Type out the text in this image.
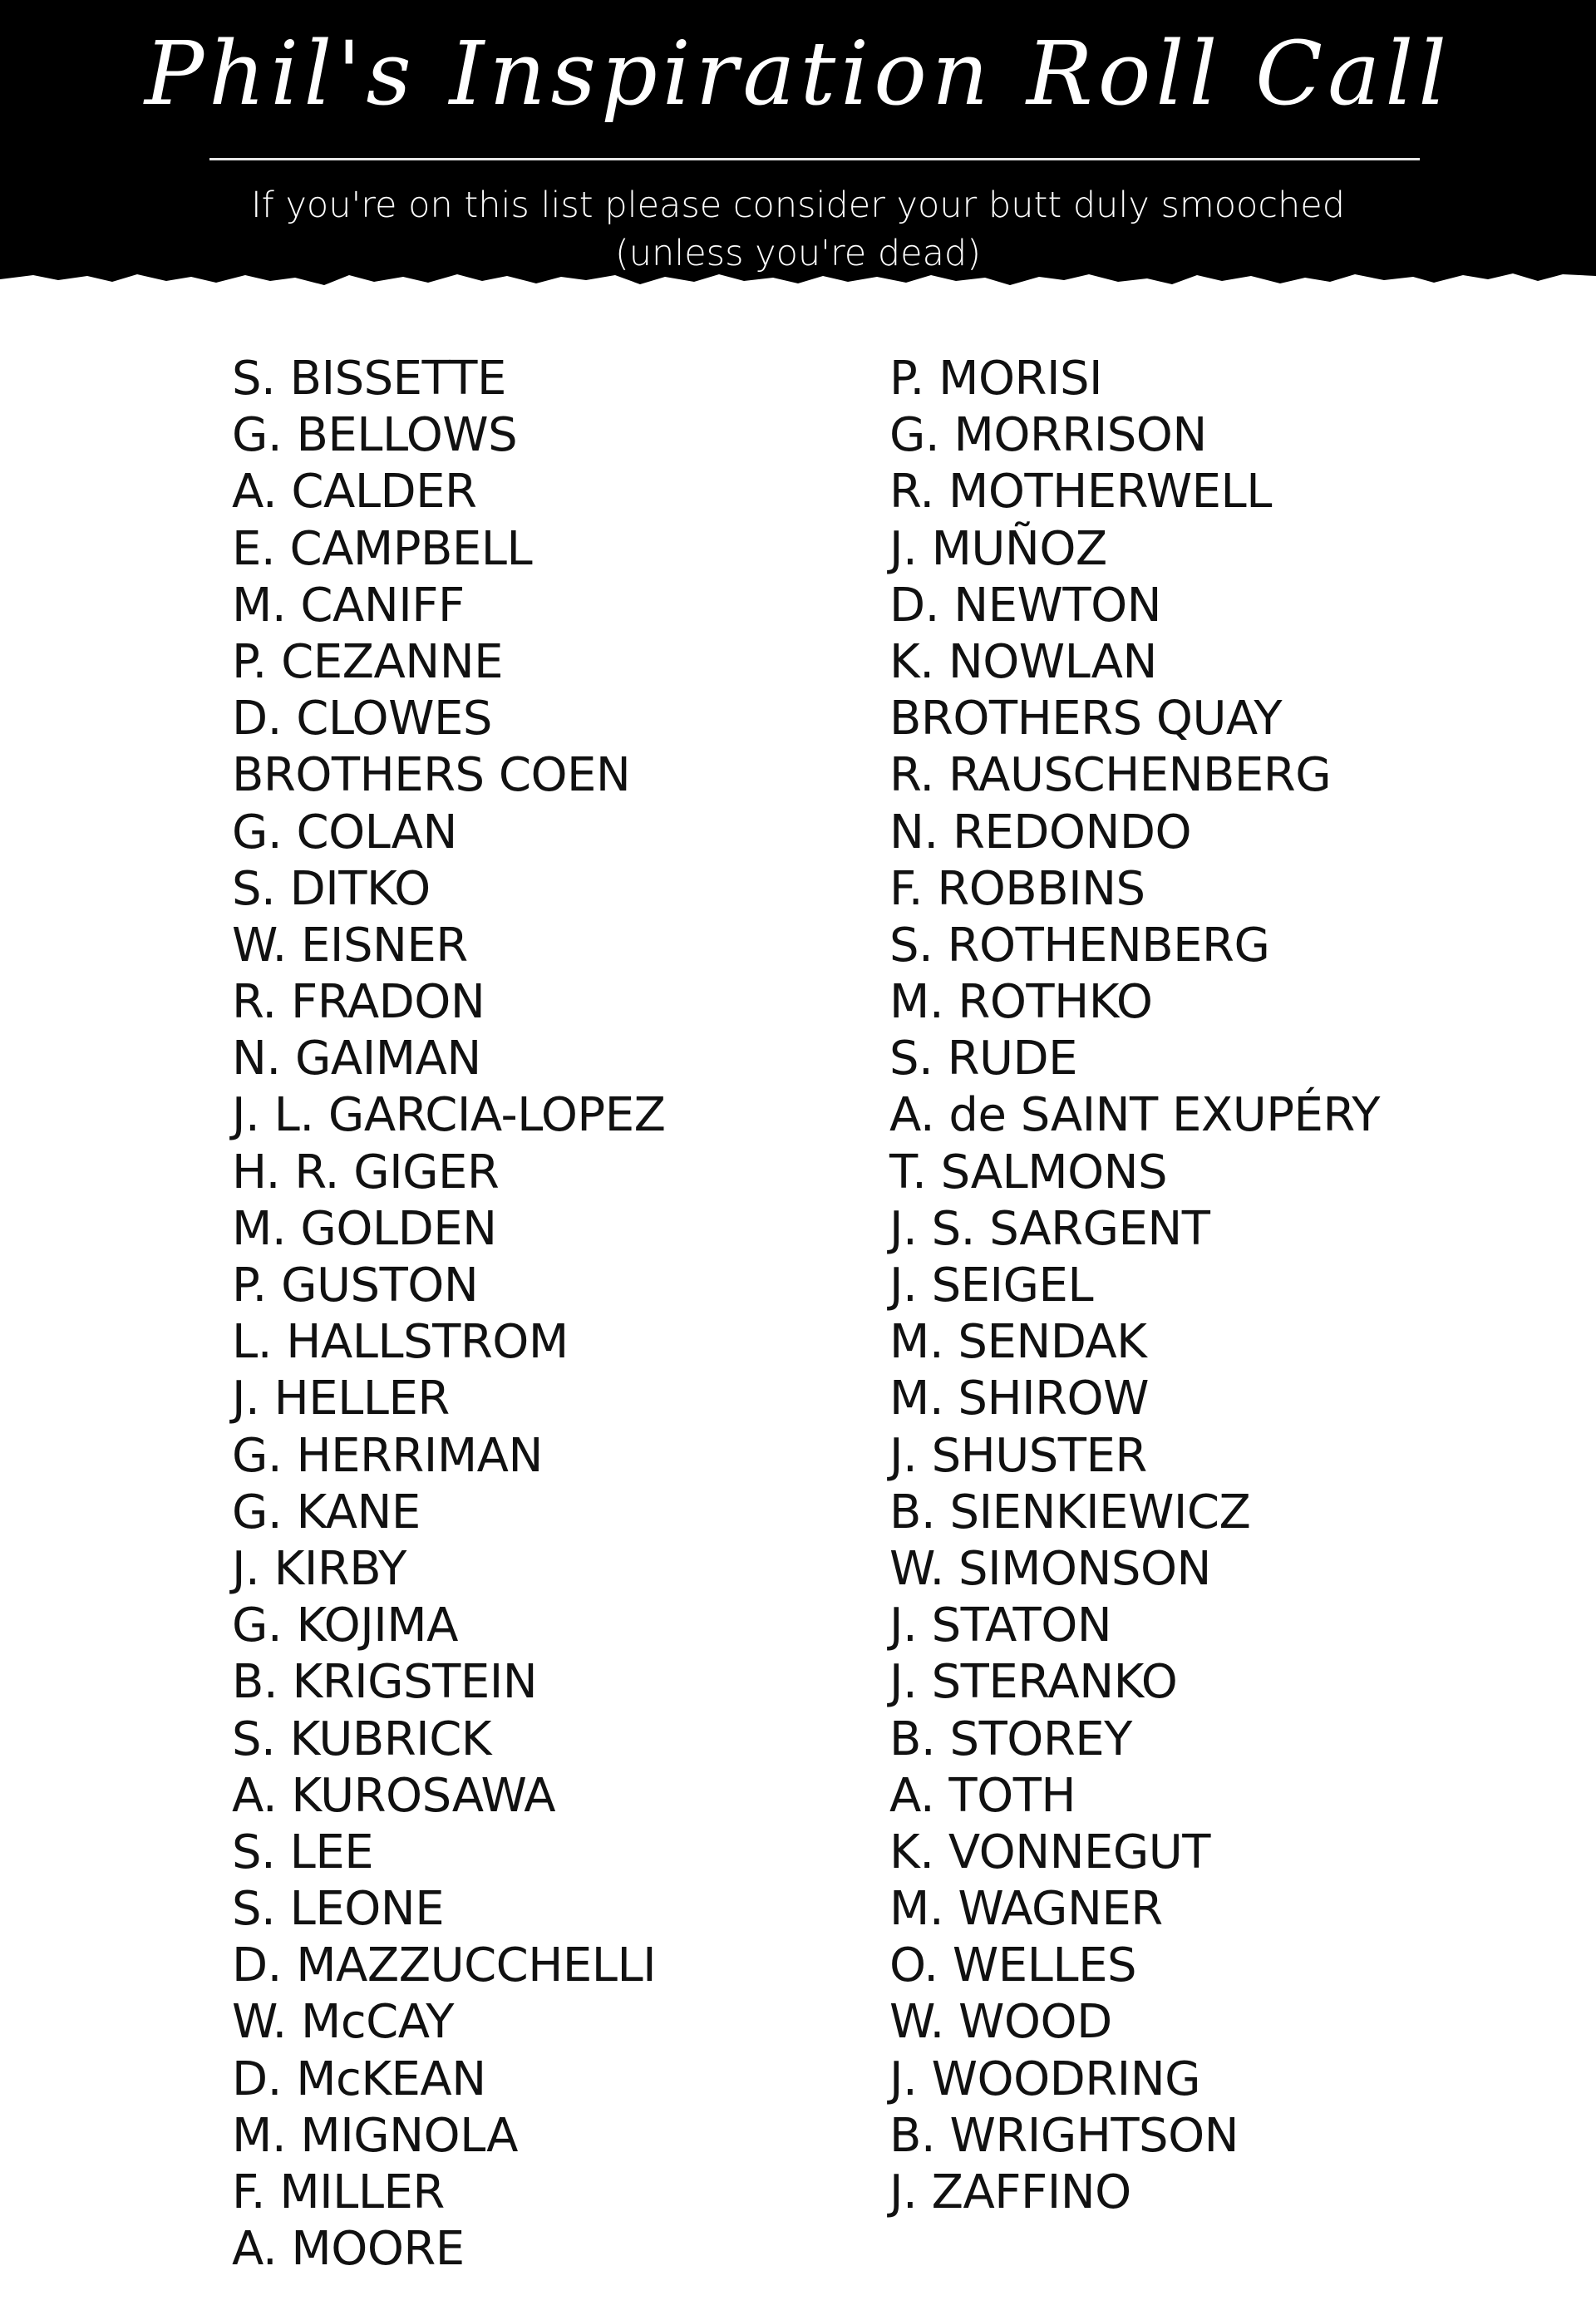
Phil's Inspiration Roll Call
If you're on this list please consider your butt duly smooched
(unless you're dead)
S. BISSETTE
G. BELLOWS
A. CALDER
E. CAMPBELL
M. CANIFF
P. CEZANNE
D. CLOWES
BROTHERS COEN
G. COLAN
S. DITKO
W. EISNER
R. FRADON
N. GAIMAN
J. L. GARCIA-LOPEZ
H. R. GIGER
M. GOLDEN
P. GUSTON
L. HALLSTROM
J. HELLER
G. HERRIMAN
G. KANE
J. KIRBY
G. KOJIMA
B. KRIGSTEIN
S. KUBRICK
A. KUROSAWA
S. LEE
S. LEONE
D. MAZZUCCHELLI
W. McCAY
D. McKEAN
M. MIGNOLA
F. MILLER
A. MOORE
P. MORISI
G. MORRISON
R. MOTHERWELL
J. MUÑOZ
D. NEWTON
K. NOWLAN
BROTHERS QUAY
R. RAUSCHENBERG
N. REDONDO
F. ROBBINS
S. ROTHENBERG
M. ROTHKO
S. RUDE
A. de SAINT EXUPÉRY
T. SALMONS
J. S. SARGENT
J. SEIGEL
M. SENDAK
M. SHIROW
J. SHUSTER
B. SIENKIEWICZ
W. SIMONSON
J. STATON
J. STERANKO
B. STOREY
A. TOTH
K. VONNEGUT
M. WAGNER
O. WELLES
W. WOOD
J. WOODRING
B. WRIGHTSON
J. ZAFFINO
